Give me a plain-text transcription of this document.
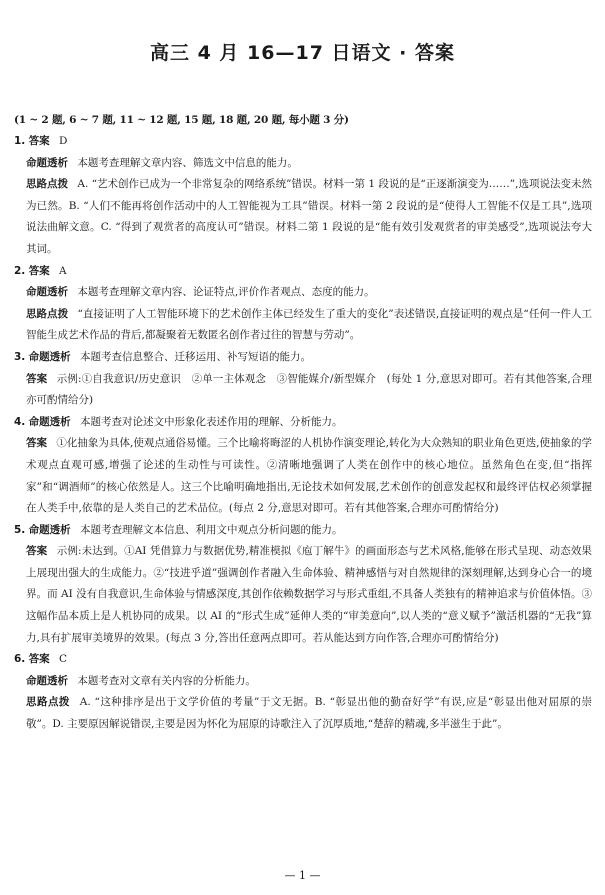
高三 4 月 16—17 日语文 · 答案
(1 ~ 2 题, 6 ~ 7 题, 11 ~ 12 题, 15 题, 18 题, 20 题, 每小题 3 分)
1. 答案 D
命题透析 本题考查理解文章内容、筛选文中信息的能力。
思路点拨 A. “艺术创作已成为一个非常复杂的网络系统”错误。材料一第 1 段说的是“正逐渐演变为……”,选项说法变未然为已然。B. “人们不能再将创作活动中的人工智能视为工具”错误。材料一第 2 段说的是“使得人工智能不仅是工具”,选项说法曲解文意。C. “得到了观赏者的高度认可”错误。材料二第 1 段说的是“能有效引发观赏者的审美感受”,选项说法夸大其词。
2. 答案 A
命题透析 本题考查理解文章内容、论证特点,评价作者观点、态度的能力。
思路点拨 “直接证明了人工智能环境下的艺术创作主体已经发生了重大的变化”表述错误,直接证明的观点是“任何一件人工智能生成艺术作品的背后,都凝聚着无数匿名创作者过往的智慧与劳动”。
3. 命题透析 本题考查信息整合、迁移运用、补写短语的能力。
答案 示例:①自我意识/历史意识　②单一主体观念　③智能媒介/新型媒介　(每处 1 分,意思对即可。若有其他答案,合理亦可酌情给分)
4. 命题透析 本题考查对论述文中形象化表述作用的理解、分析能力。
答案 ①化抽象为具体,使观点通俗易懂。三个比喻将晦涩的人机协作演变理论,转化为大众熟知的职业角色更迭,使抽象的学术观点直观可感,增强了论述的生动性与可读性。②清晰地强调了人类在创作中的核心地位。虽然角色在变,但“指挥家”和“调酒师”的核心依然是人。这三个比喻明确地指出,无论技术如何发展,艺术创作的创意发起权和最终评估权必须掌握在人类手中,依靠的是人类自己的艺术品位。(每点 2 分,意思对即可。若有其他答案,合理亦可酌情给分)
5. 命题透析 本题考查理解文本信息、利用文中观点分析问题的能力。
答案 示例:未达到。①AI 凭借算力与数据优势,精准模拟《庖丁解牛》的画面形态与艺术风格,能够在形式呈现、动态效果上展现出强大的生成能力。②“技进乎道”强调创作者融入生命体验、精神感悟与对自然规律的深刻理解,达到身心合一的境界。而 AI 没有自我意识,生命体验与情感深度,其创作依赖数据学习与形式重组,不具备人类独有的精神追求与价值体悟。③这幅作品本质上是人机协同的成果。以 AI 的“形式生成”延伸人类的“审美意向”,以人类的“意义赋予”激活机器的“无我”算力,具有扩展审美境界的效果。(每点 3 分,答出任意两点即可。若从能达到方向作答,合理亦可酌情给分)
6. 答案 C
命题透析 本题考查对文章有关内容的分析能力。
思路点拨 A. “这种排序是出于文学价值的考量”于文无据。B. “彰显出他的勤奋好学”有误,应是“彰显出他对屈原的崇敬”。D. 主要原因解说错误,主要是因为怀化为屈原的诗歌注入了沉厚质地,“楚辞的精魂,多半滋生于此”。
— 1 —
